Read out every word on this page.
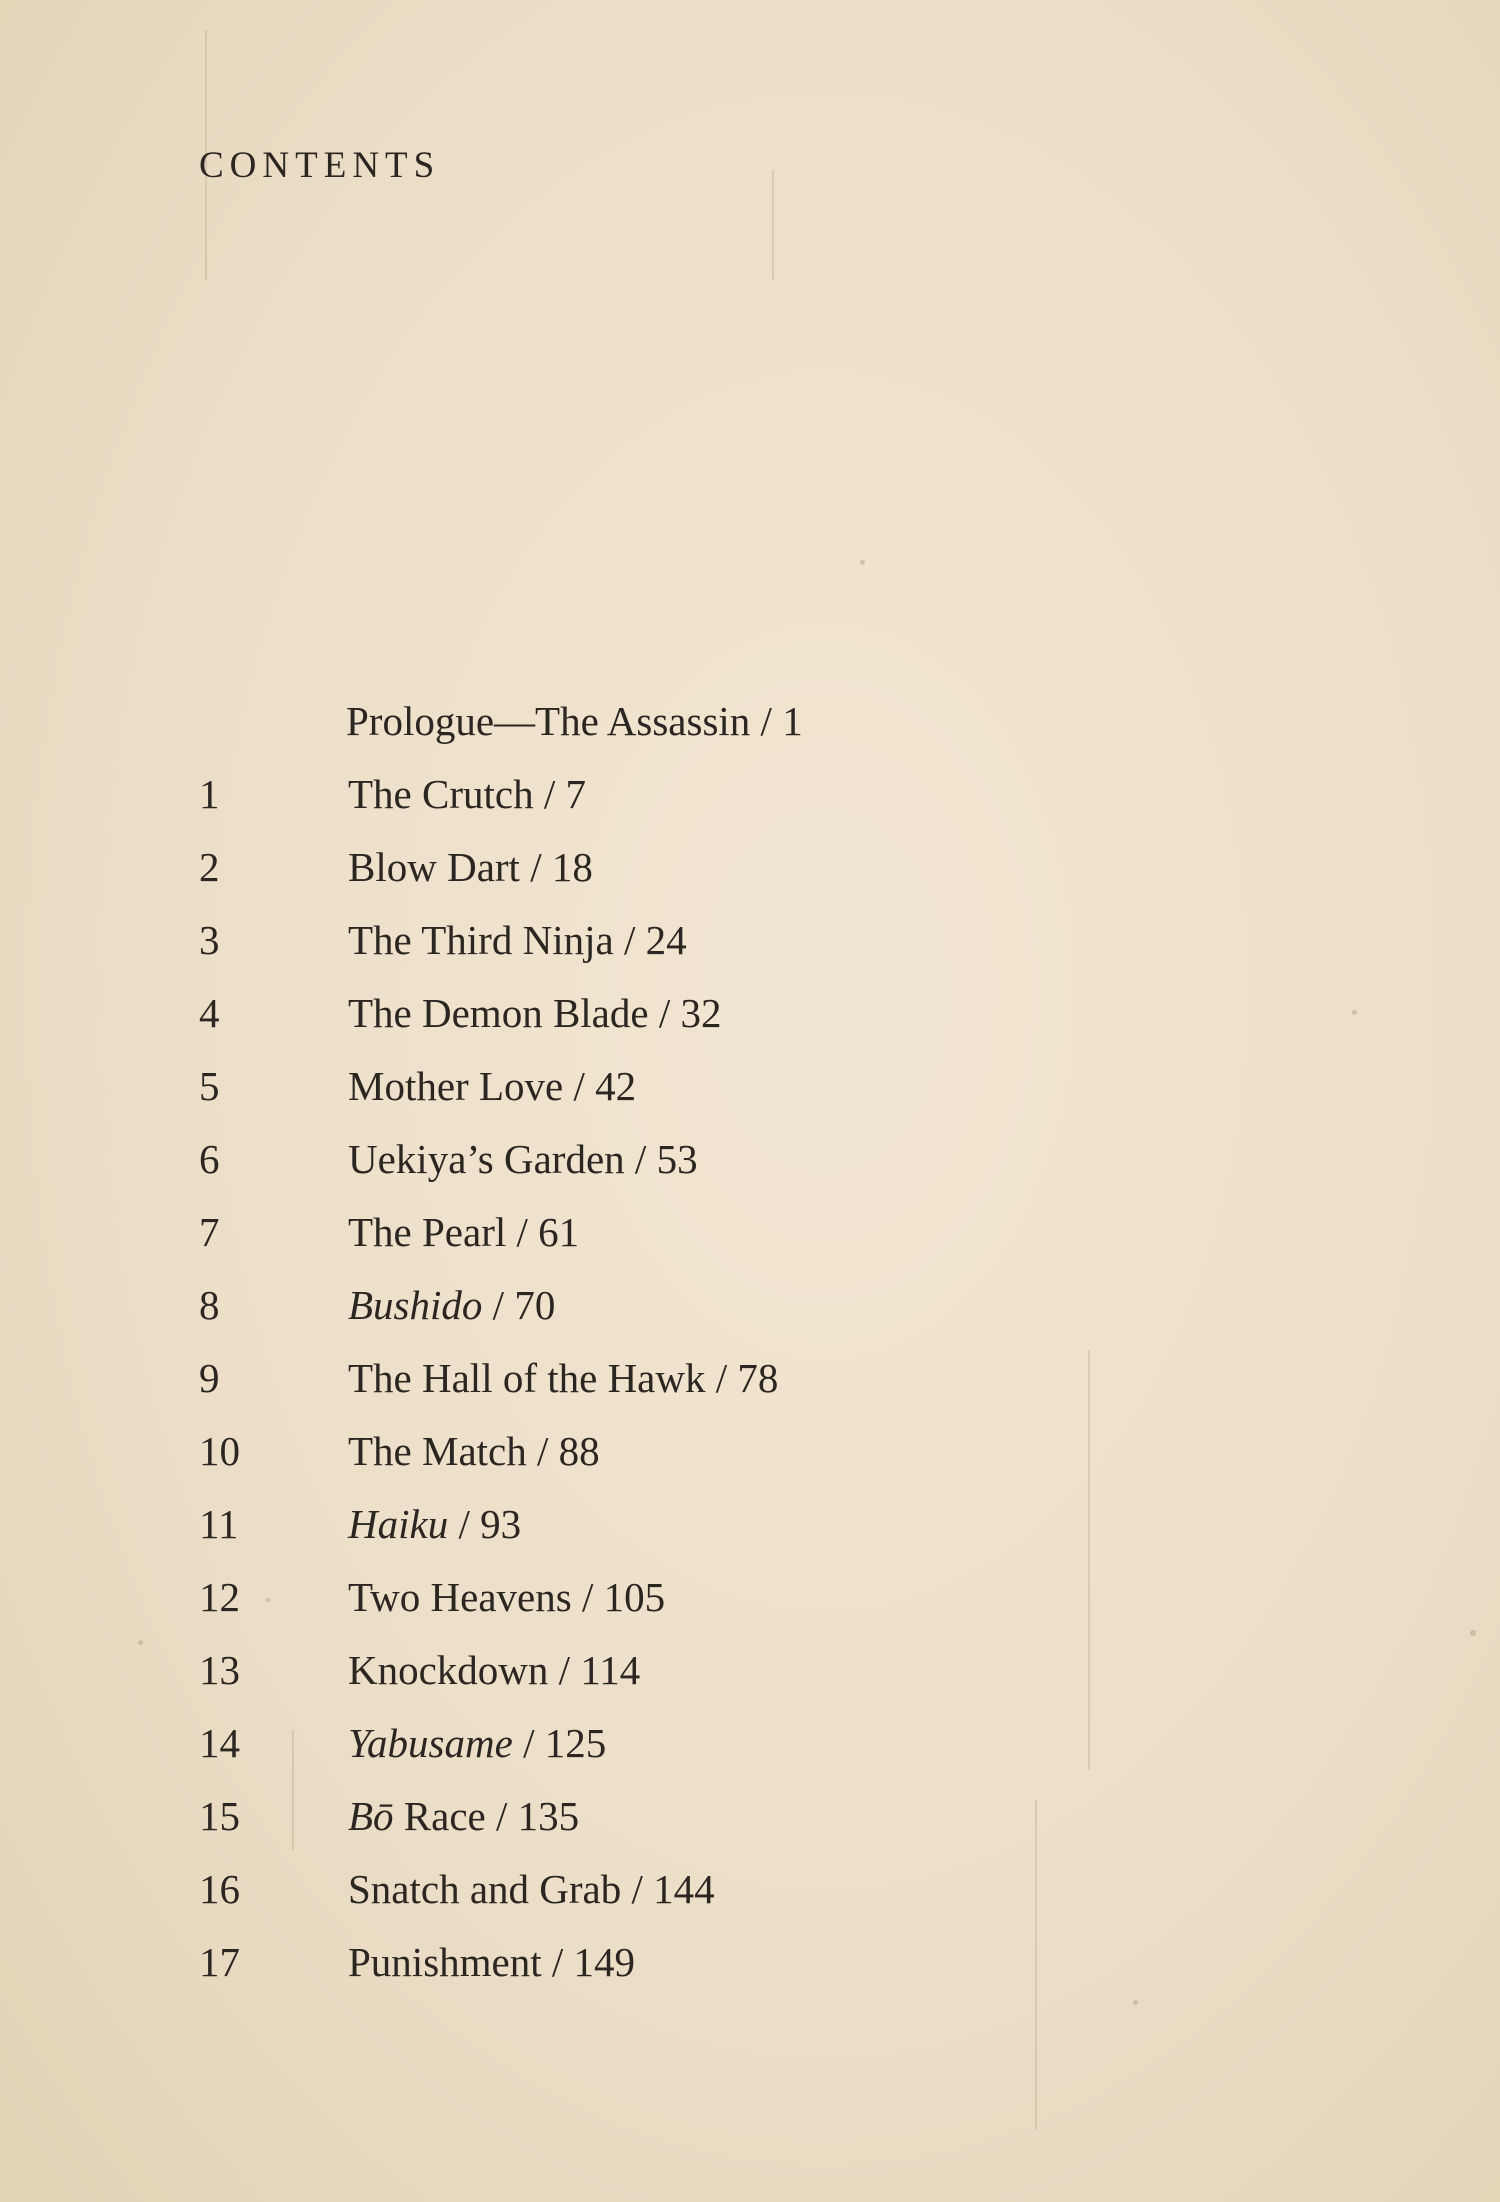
CONTENTS
Prologue—The Assassin / 1
1	The Crutch / 7
2	Blow Dart / 18
3	The Third Ninja / 24
4	The Demon Blade / 32
5	Mother Love / 42
6	Uekiya’s Garden / 53
7	The Pearl / 61
8	Bushido / 70
9	The Hall of the Hawk / 78
10	The Match / 88
11	Haiku / 93
12	Two Heavens / 105
13	Knockdown / 114
14	Yabusame / 125
15	Bō Race / 135
16	Snatch and Grab / 144
17	Punishment / 149
